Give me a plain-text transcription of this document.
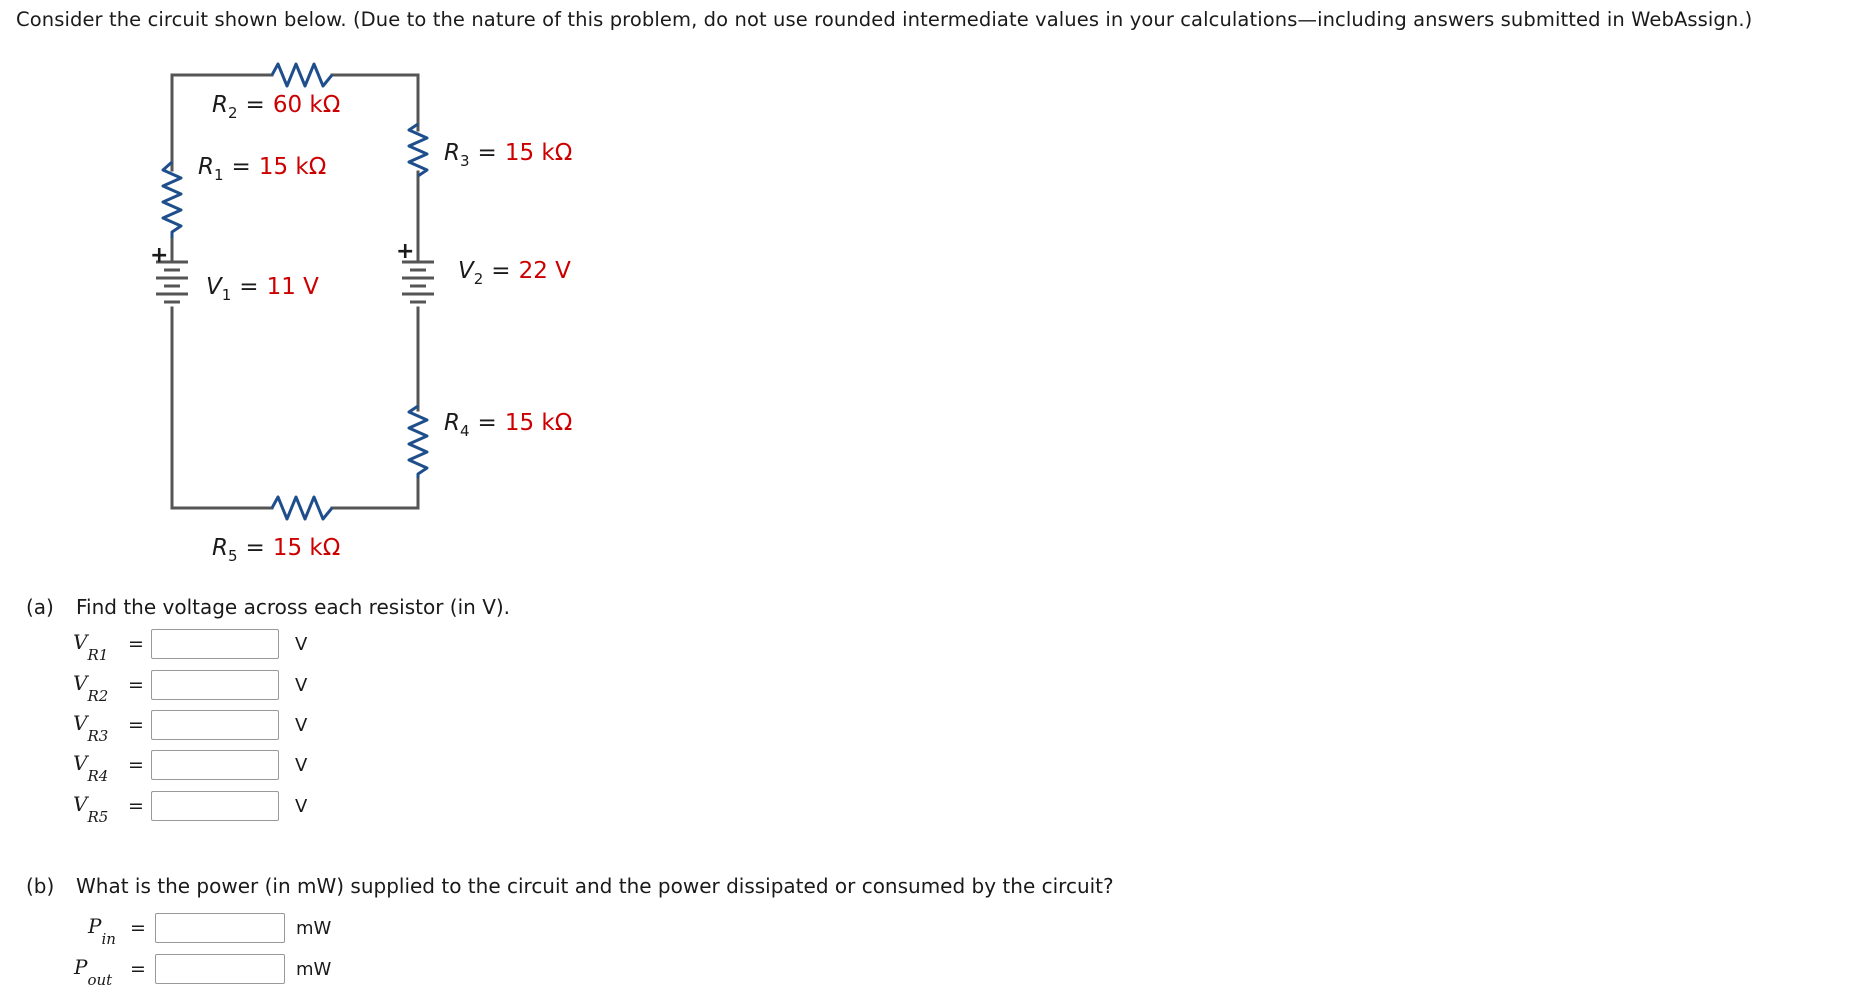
Consider the circuit shown below. (Due to the nature of this problem, do not use rounded intermediate values in your calculations—including answers submitted in WebAssign.)
+	+
$R_2 = 60$ kΩ
$R_1 = 15$ kΩ
$R_3 = 15$ kΩ
$V_1 = 11$ V
$V_2 = 22$ V
$R_4 = 15$ kΩ
$R_5 = 15$ kΩ
(a) Find the voltage across each resistor (in V).
$V_{R1}$ =	V
$V_{R2}$ =	V
$V_{R3}$ =	V
$V_{R4}$ =	V
$V_{R5}$ =	V
(b) What is the power (in mW) supplied to the circuit and the power dissipated or consumed by the circuit?
$P_{in}$ =	mW
$P_{out}$ =	mW
